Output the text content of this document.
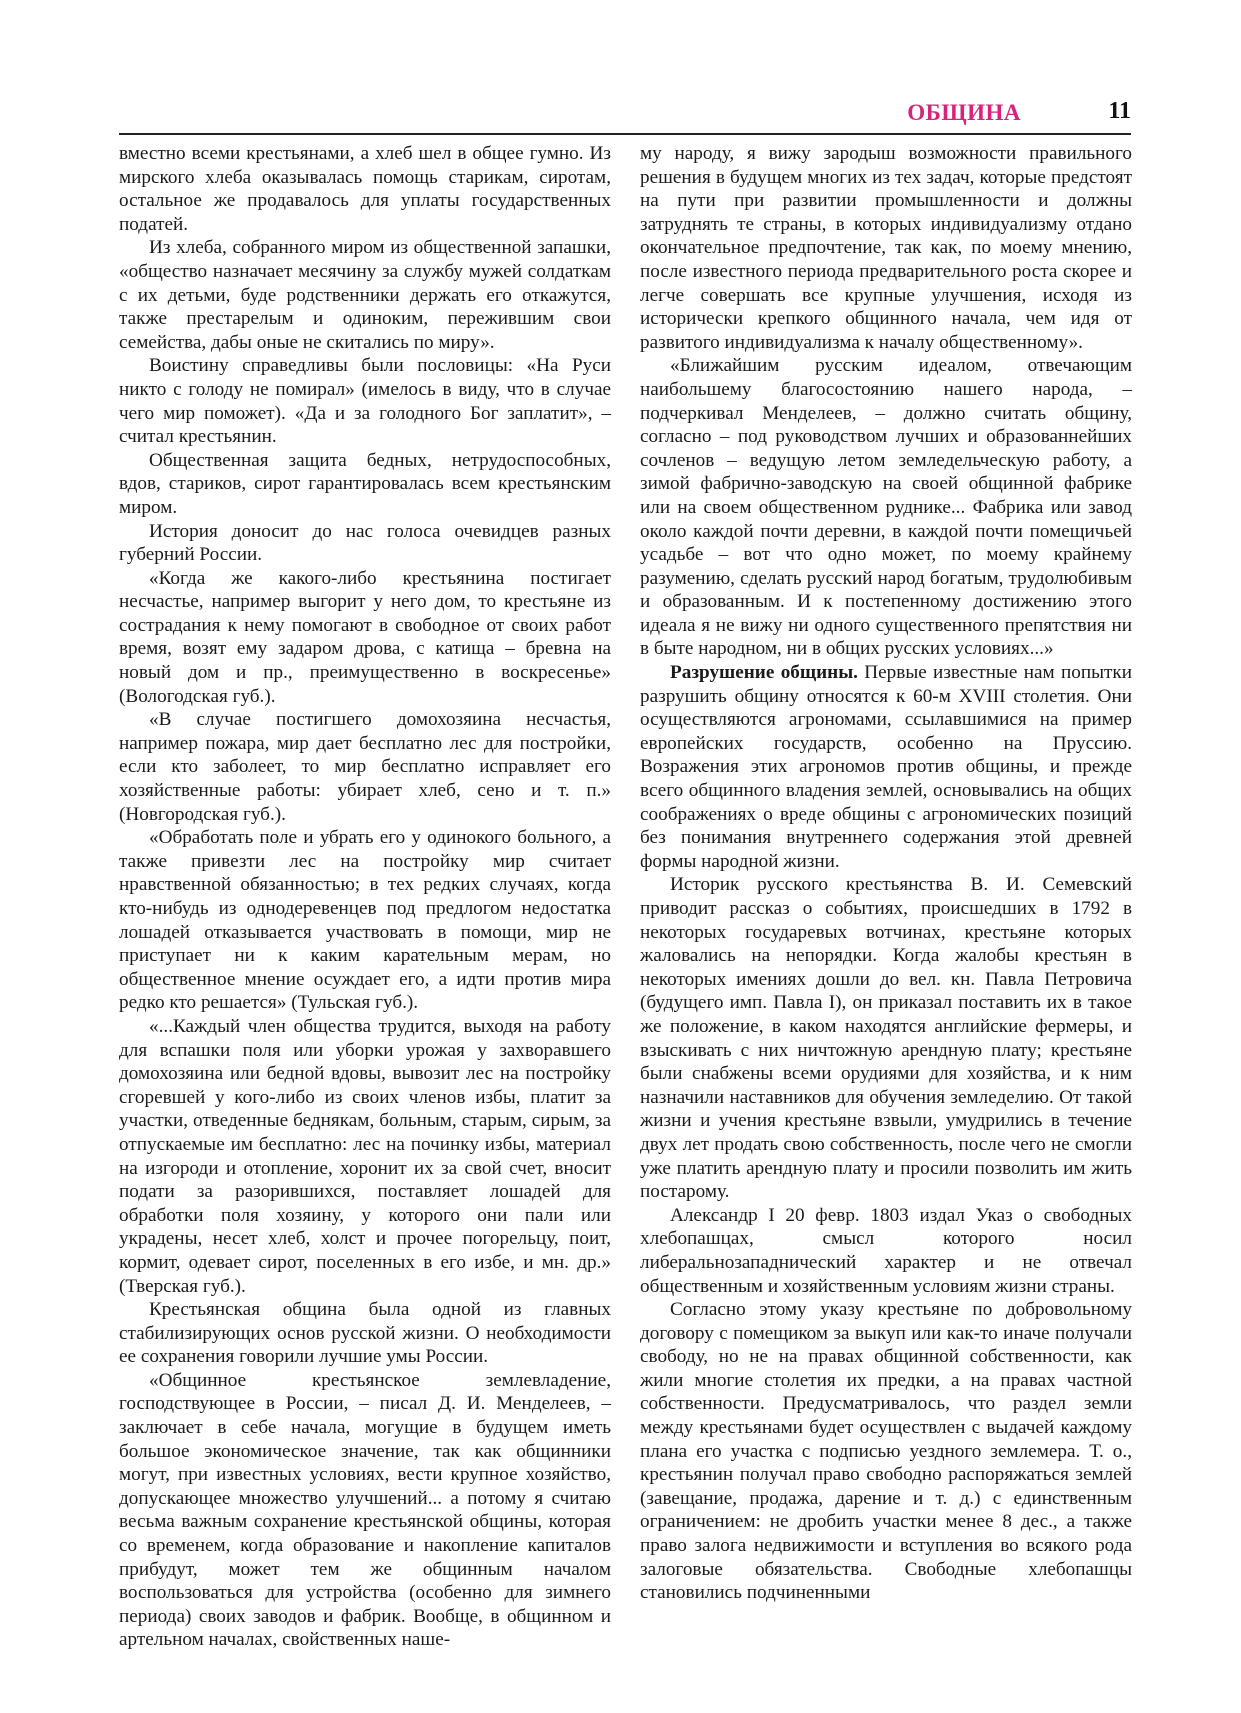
ОБЩИНА	11

вместно всеми крестьянами, а хлеб шел в общее гумно. Из мирского хлеба оказывалась помощь старикам, сиротам, остальное же продавалось для уплаты государственных податей.

Из хлеба, собранного миром из общественной запашки, «общество назначает месячину за службу мужей солдаткам с их детьми, буде родственники держать его откажутся, также престарелым и одиноким, пережившим свои семейства, дабы оные не скитались по миру».

Воистину справедливы были пословицы: «На Руси никто с голоду не помирал» (имелось в виду, что в случае чего мир поможет). «Да и за голодного Бог заплатит», – считал крестьянин.

Общественная защита бедных, нетрудоспособных, вдов, стариков, сирот гарантировалась всем крестьянским миром.

История доносит до нас голоса очевидцев разных губерний России.

«Когда же какого-либо крестьянина постигает несчастье, например выгорит у него дом, то крестьяне из сострадания к нему помогают в свободное от своих работ время, возят ему задаром дрова, с катища – бревна на новый дом и пр., преимущественно в воскресенье» (Вологодская губ.).

«В случае постигшего домохозяина несчастья, например пожара, мир дает бесплатно лес для постройки, если кто заболеет, то мир бесплатно исправляет его хозяйственные работы: убирает хлеб, сено и т. п.» (Новгородская губ.).

«Обработать поле и убрать его у одинокого больного, а также привезти лес на постройку мир считает нравственной обязанностью; в тех редких случаях, когда кто-нибудь из однодеревенцев под предлогом недостатка лошадей отказывается участвовать в помощи, мир не приступает ни к каким карательным мерам, но общественное мнение осуждает его, а идти против мира редко кто решается» (Тульская губ.).

«...Каждый член общества трудится, выходя на работу для вспашки поля или уборки урожая у захворавшего домохозяина или бедной вдовы, вывозит лес на постройку сгоревшей у кого-либо из своих членов избы, платит за участки, отведенные беднякам, больным, старым, сирым, за отпускаемые им бесплатно: лес на починку избы, материал на изгороди и отопление, хоронит их за свой счет, вносит подати за разорившихся, поставляет лошадей для обработки поля хозяину, у которого они пали или украдены, несет хлеб, холст и прочее погорельцу, поит, кормит, одевает сирот, поселенных в его избе, и мн. др.» (Тверская губ.).

Крестьянская община была одной из главных стабилизирующих основ русской жизни. О необходимости ее сохранения говорили лучшие умы России.

«Общинное крестьянское землевладение, господствующее в России, – писал Д. И. Менделеев, – заключает в себе начала, могущие в будущем иметь большое экономическое значение, так как общинники могут, при известных условиях, вести крупное хозяйство, допускающее множество улучшений... а потому я считаю весьма важным сохранение крестьянской общины, которая со временем, когда образование и накопление капиталов прибудут, может тем же общинным началом воспользоваться для устройства (особенно для зимнего периода) своих заводов и фабрик. Вообще, в общинном и артельном началах, свойственных наше-

му народу, я вижу зародыш возможности правильного решения в будущем многих из тех задач, которые предстоят на пути при развитии промышленности и должны затруднять те страны, в которых индивидуализму отдано окончательное предпочтение, так как, по моему мнению, после известного периода предварительного роста скорее и легче совершать все крупные улучшения, исходя из исторически крепкого общинного начала, чем идя от развитого индивидуализма к началу общественному».

«Ближайшим русским идеалом, отвечающим наибольшему благосостоянию нашего народа, – подчеркивал Менделеев, – должно считать общину, согласно – под руководством лучших и образованнейших сочленов – ведущую летом земледельческую работу, а зимой фабрично-заводскую на своей общинной фабрике или на своем общественном руднике... Фабрика или завод около каждой почти деревни, в каждой почти помещичьей усадьбе – вот что одно может, по моему крайнему разумению, сделать русский народ богатым, трудолюбивым и образованным. И к постепенному достижению этого идеала я не вижу ни одного существенного препятствия ни в быте народном, ни в общих русских условиях...»

Разрушение общины. Первые известные нам попытки разрушить общину относятся к 60-м XVIII столетия. Они осуществляются агрономами, ссылавшимися на пример европейских государств, особенно на Пруссию. Возражения этих агрономов против общины, и прежде всего общинного владения землей, основывались на общих соображениях о вреде общины с агрономических позиций без понимания внутреннего содержания этой древней формы народной жизни.

Историк русского крестьянства В. И. Семевский приводит рассказ о событиях, происшедших в 1792 в некоторых государевых вотчинах, крестьяне которых жаловались на непорядки. Когда жалобы крестьян в некоторых имениях дошли до вел. кн. Павла Петровича (будущего имп. Павла I), он приказал поставить их в такое же положение, в каком находятся английские фермеры, и взыскивать с них ничтожную арендную плату; крестьяне были снабжены всеми орудиями для хозяйства, и к ним назначили наставников для обучения земледелию. От такой жизни и учения крестьяне взвыли, умудрились в течение двух лет продать свою собственность, после чего не смогли уже платить арендную плату и просили позволить им жить постарому.

Александр I 20 февр. 1803 издал Указ о свободных хлебопашцах, смысл которого носил либеральнозападнический характер и не отвечал общественным и хозяйственным условиям жизни страны.

Согласно этому указу крестьяне по добровольному договору с помещиком за выкуп или как-то иначе получали свободу, но не на правах общинной собственности, как жили многие столетия их предки, а на правах частной собственности. Предусматривалось, что раздел земли между крестьянами будет осуществлен с выдачей каждому плана его участка с подписью уездного землемера. Т. о., крестьянин получал право свободно распоряжаться землей (завещание, продажа, дарение и т. д.) с единственным ограничением: не дробить участки менее 8 дес., а также право залога недвижимости и вступления во всякого рода залоговые обязательства. Свободные хлебопашцы становились подчиненными
